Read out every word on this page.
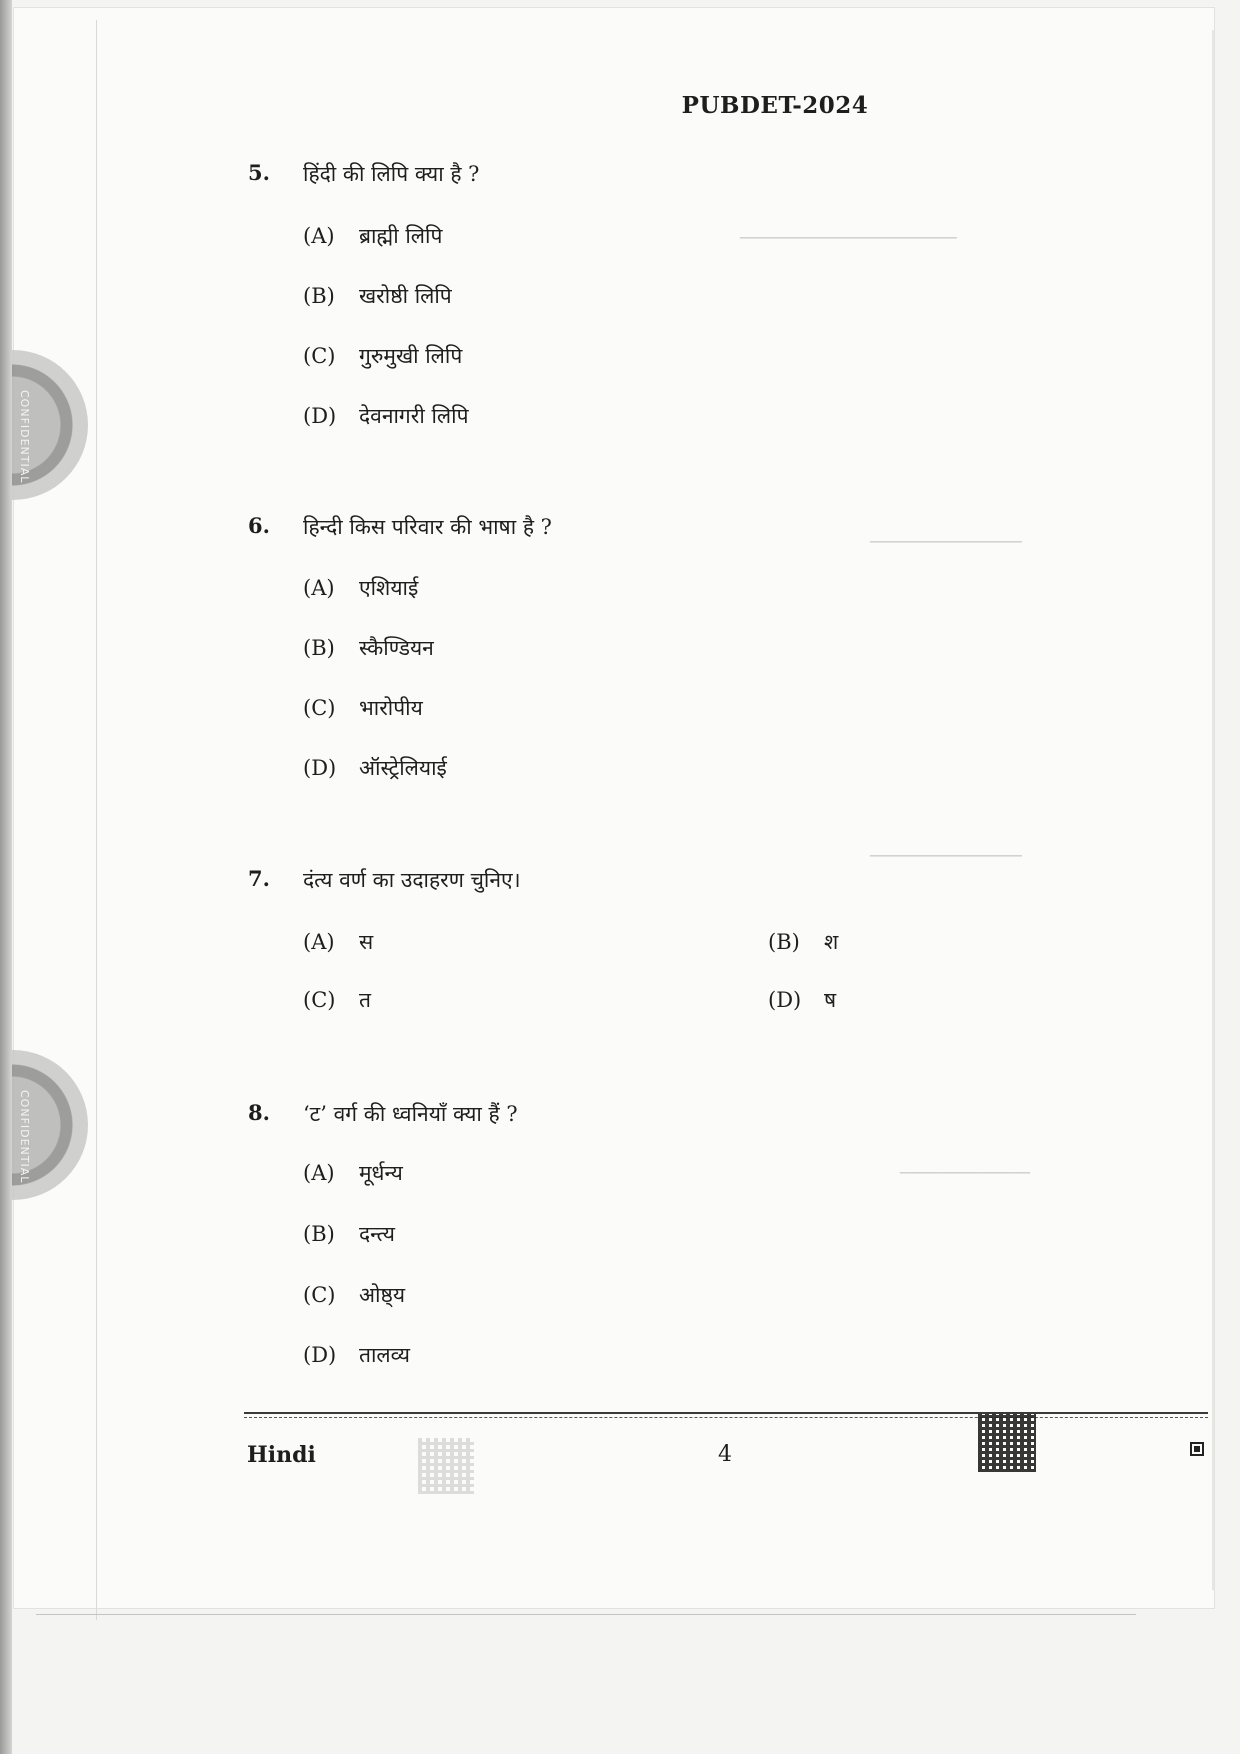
CONFIDENTIAL
CONFIDENTIAL
────────────────────
──────────────
──────────────
────────────
PUBDET-2024
5. हिंदी की लिपि क्या है ?
(A) ब्राह्मी लिपि
(B) खरोष्ठी लिपि
(C) गुरुमुखी लिपि
(D) देवनागरी लिपि
6. हिन्दी किस परिवार की भाषा है ?
(A) एशियाई
(B) स्कैण्डियन
(C) भारोपीय
(D) ऑस्ट्रेलियाई
7. दंत्य वर्ण का उदाहरण चुनिए।
(A) स	(B) श
(C) त	(D) ष
8. ‘ट’ वर्ग की ध्वनियाँ क्या हैं ?
(A) मूर्धन्य
(B) दन्त्य
(C) ओष्ठ्य
(D) तालव्य
Hindi	4
